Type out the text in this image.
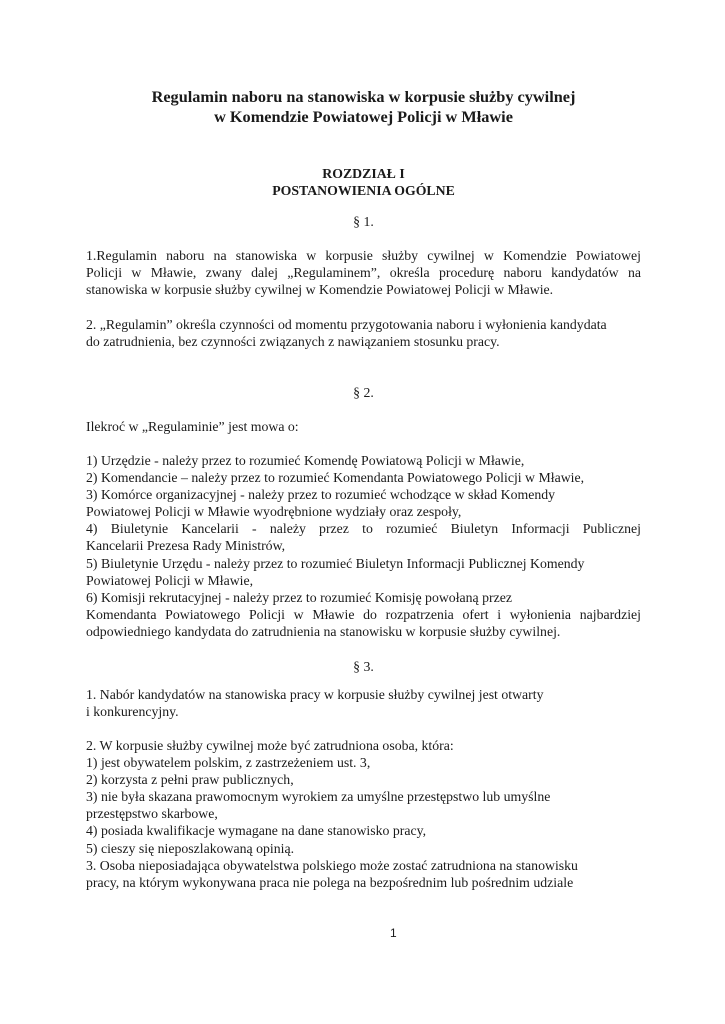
Regulamin naboru na stanowiska w korpusie służby cywilnej
w Komendzie Powiatowej Policji w Mławie
ROZDZIAŁ I
POSTANOWIENIA OGÓLNE
§ 1.
1.Regulamin naboru na stanowiska w korpusie służby cywilnej w Komendzie Powiatowej
Policji w Mławie, zwany dalej „Regulaminem”, określa procedurę naboru kandydatów na
stanowiska w korpusie służby cywilnej w Komendzie Powiatowej Policji w Mławie.
2. „Regulamin” określa czynności od momentu przygotowania naboru i wyłonienia kandydata
do zatrudnienia, bez czynności związanych z nawiązaniem stosunku pracy.
§ 2.
Ilekroć w „Regulaminie” jest mowa o:
1) Urzędzie - należy przez to rozumieć Komendę Powiatową Policji w Mławie,
2) Komendancie – należy przez to rozumieć Komendanta Powiatowego Policji w Mławie,
3) Komórce organizacyjnej - należy przez to rozumieć wchodzące w skład Komendy
Powiatowej Policji w Mławie wyodrębnione wydziały oraz zespoły,
4) Biuletynie Kancelarii - należy przez to rozumieć Biuletyn Informacji Publicznej
Kancelarii Prezesa Rady Ministrów,
5) Biuletynie Urzędu - należy przez to rozumieć Biuletyn Informacji Publicznej Komendy
Powiatowej Policji w Mławie,
6) Komisji rekrutacyjnej - należy przez to rozumieć Komisję powołaną przez
Komendanta Powiatowego Policji w Mławie do rozpatrzenia ofert i wyłonienia najbardziej
odpowiedniego kandydata do zatrudnienia na stanowisku w korpusie służby cywilnej.
§ 3.
1. Nabór kandydatów na stanowiska pracy w korpusie służby cywilnej jest otwarty
i konkurencyjny.
2. W korpusie służby cywilnej może być zatrudniona osoba, która:
1) jest obywatelem polskim, z zastrzeżeniem ust. 3,
2) korzysta z pełni praw publicznych,
3) nie była skazana prawomocnym wyrokiem za umyślne przestępstwo lub umyślne
przestępstwo skarbowe,
4) posiada kwalifikacje wymagane na dane stanowisko pracy,
5) cieszy się nieposzlakowaną opinią.
3. Osoba nieposiadająca obywatelstwa polskiego może zostać zatrudniona na stanowisku
pracy, na którym wykonywana praca nie polega na bezpośrednim lub pośrednim udziale
1
